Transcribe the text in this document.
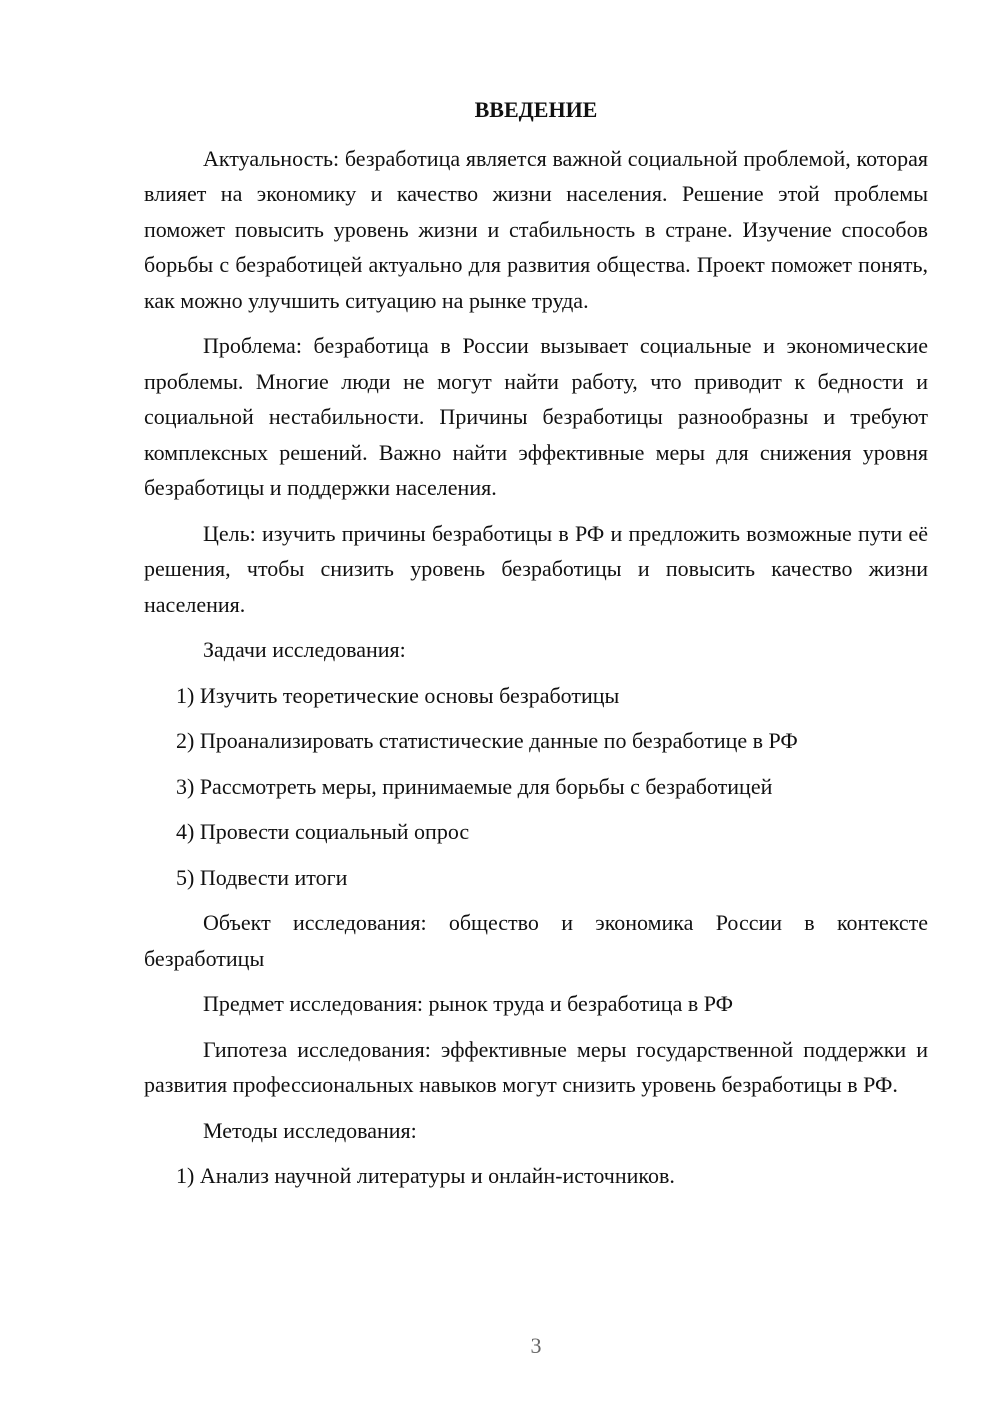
ВВЕДЕНИЕ

Актуальность: безработица является важной социальной проблемой, которая влияет на экономику и качество жизни населения. Решение этой проблемы поможет повысить уровень жизни и стабильность в стране. Изучение способов борьбы с безработицей актуально для развития общества. Проект поможет понять, как можно улучшить ситуацию на рынке труда.

Проблема: безработица в России вызывает социальные и экономические проблемы. Многие люди не могут найти работу, что приводит к бедности и социальной нестабильности. Причины безработицы разнообразны и требуют комплексных решений. Важно найти эффективные меры для снижения уровня безработицы и поддержки населения.

Цель: изучить причины безработицы в РФ и предложить возможные пути её решения, чтобы снизить уровень безработицы и повысить качество жизни населения.

Задачи исследования:

1) Изучить теоретические основы безработицы
2) Проанализировать статистические данные по безработице в РФ
3) Рассмотреть меры, принимаемые для борьбы с безработицей
4) Провести социальный опрос
5) Подвести итоги

Объект исследования: общество и экономика России в контексте безработицы

Предмет исследования: рынок труда и безработица в РФ

Гипотеза исследования: эффективные меры государственной поддержки и развития профессиональных навыков могут снизить уровень безработицы в РФ.

Методы исследования:

1) Анализ научной литературы и онлайн-источников.
3
